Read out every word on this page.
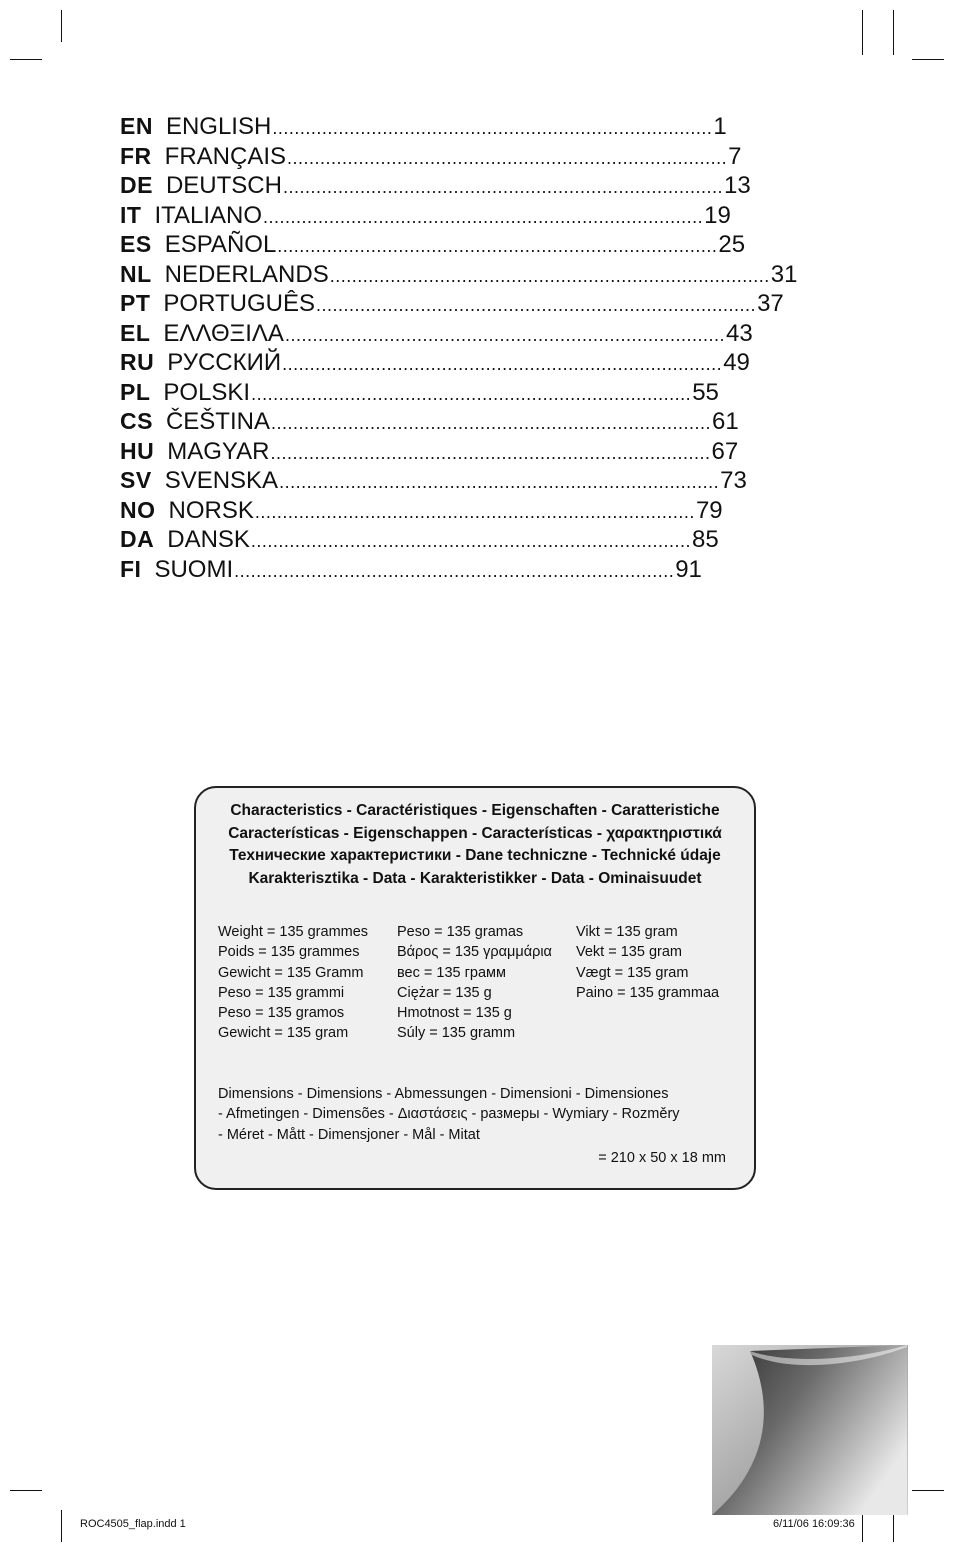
EN ENGLISH ................................................................................ 1
FR FRANÇAIS ................................................................................ 7
DE DEUTSCH ................................................................................ 13
IT ITALIANO ................................................................................ 19
ES ESPAÑOL ................................................................................ 25
NL NEDERLANDS ................................................................................ 31
PT PORTUGUÊS ................................................................................ 37
EL ΕΛΛΘΞΙΛΑ ................................................................................ 43
RU РУССКИЙ ................................................................................ 49
PL POLSKI ................................................................................ 55
CS ČEŠTINA ................................................................................ 61
HU MAGYAR ................................................................................ 67
SV SVENSKA ................................................................................ 73
NO NORSK ................................................................................ 79
DA DANSK ................................................................................ 85
FI SUOMI ................................................................................ 91
Characteristics - Caractéristiques - Eigenschaften - Caratteristiche
Características - Eigenschappen - Características - χαρακτηριστικά
Технические характеристики - Dane techniczne - Technické údaje
Karakterisztika - Data - Karakteristikker - Data - Ominaisuudet
Weight = 135 grammes
Poids = 135 grammes
Gewicht = 135 Gramm
Peso = 135 grammi
Peso = 135 gramos
Gewicht = 135 gram
Peso = 135 gramas
Βάρος = 135 γραμμάρια
вес = 135 грамм
Ciężar = 135 g
Hmotnost = 135 g
Súly = 135 gramm
Vikt = 135 gram
Vekt = 135 gram
Vægt = 135 gram
Paino = 135 grammaa
Dimensions - Dimensions - Abmessungen - Dimensioni - Dimensiones
- Afmetingen - Dimensões - Διαστάσεις - размеры - Wymiary - Rozměry
- Méret - Mått - Dimensjoner - Mål - Mitat
= 210 x 50 x 18 mm
ROC4505_flap.indd 1	6/11/06 16:09:36
